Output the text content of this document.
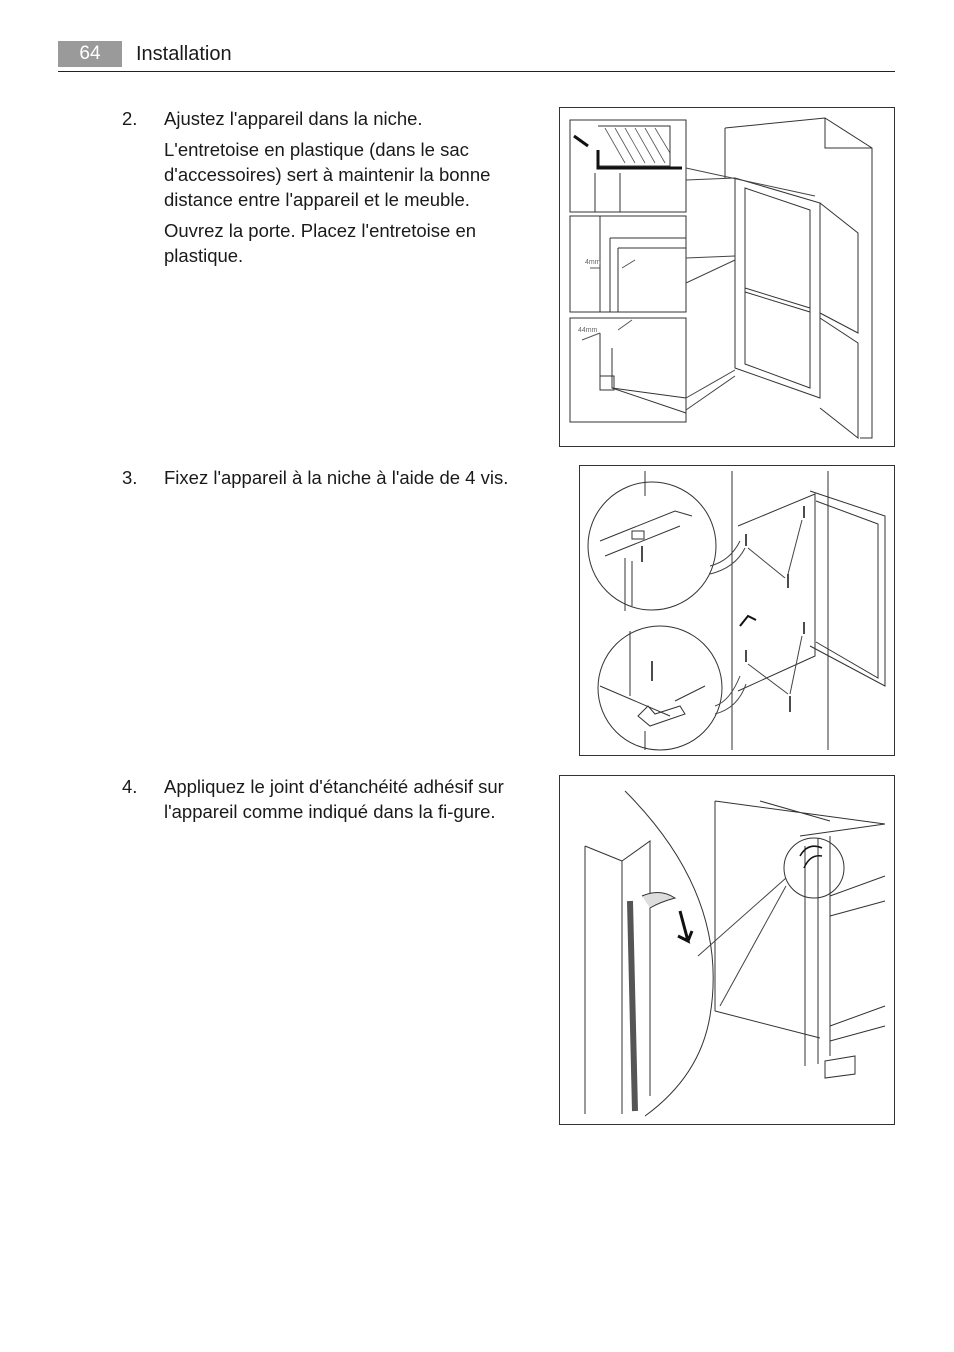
64	Installation
2. Ajustez l'appareil dans la niche.

L'entretoise en plastique (dans le sac d'accessoires) sert à maintenir la bonne distance entre l'appareil et le meuble.

Ouvrez la porte. Placez l'entretoise en plastique.	4mm
44mm
3. Fixez l'appareil à la niche à l'aide de 4 vis.

4. Appliquez le joint d'étanchéité adhésif sur l'appareil comme indiqué dans la fi-gure.
